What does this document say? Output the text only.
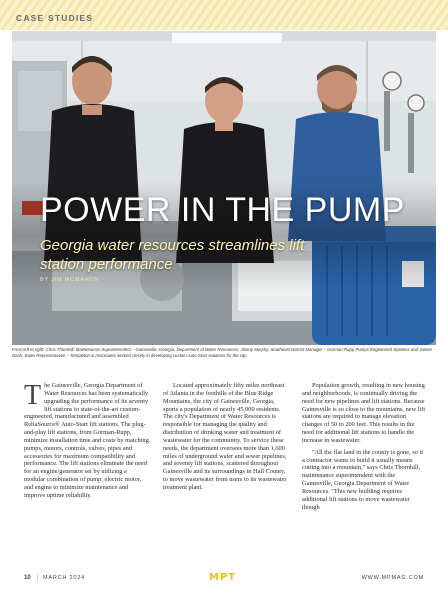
CASE STUDIES
POWER IN THE PUMP
Georgia water resources streamlines lift station performance
BY JIM MCMAHON
From left to right: Chris Thornhill, Maintenance Superintendent – Gainesville, Georgia, Department of Water Resources; Jimmy Murphy, Southeast District Manager – Gorman-Rupp Pumps Engineered Systems and James Nash, Sales Representative – Templeton & Associates worked closely in developing custom Auto-Start solutions for the city.

T he Gainesville, Georgia Department of Water Resources has been systematically upgrading the performance of its seventy lift stations to state-of-the-art custom-engineered, manufactured and assembled ReliaSource® Auto-Start lift stations. The plug-and-play lift stations, from Gorman-Rupp, minimize installation time and costs by matching pumps, motors, controls, valves, pipes and accessories for maximum compatibility and performance. The lift stations eliminate the need for an engine/generator set by utilizing a modular combination of pump, electric motor, and engine to minimize maintenance and improve uptime reliability.

Located approximately fifty miles northeast of Atlanta in the foothills of the Blue Ridge Mountains, the city of Gainesville, Georgia, sports a population of nearly 45,000 residents. The city's Department of Water Resources is responsible for managing the quality and distribution of drinking water and treatment of wastewater for the community. To service these needs, the department oversees more than 1,600 miles of underground water and sewer pipelines, and seventy lift stations, scattered throughout Gainesville and its surroundings in Hall County, to move wastewater from users to its wastewater treatment plant.

Population growth, resulting in new housing and neighborhoods, is continually driving the need for new pipelines and lift stations. Because Gainesville is so close to the mountains, new lift stations are required to manage elevation changes of 50 to 200 feet. This results in the need for additional lift stations to handle the increase in wastewater.

"All the flat land in the county is gone, so if a contractor wants to build it usually means cutting into a mountain," says Chris Thornhill, maintenance superintendent with the Gainesville, Georgia Department of Water Resources. "This new building requires additional lift stations to move wastewater though

10 | MARCH 2024	MPT	WWW.MPMAG.COM
